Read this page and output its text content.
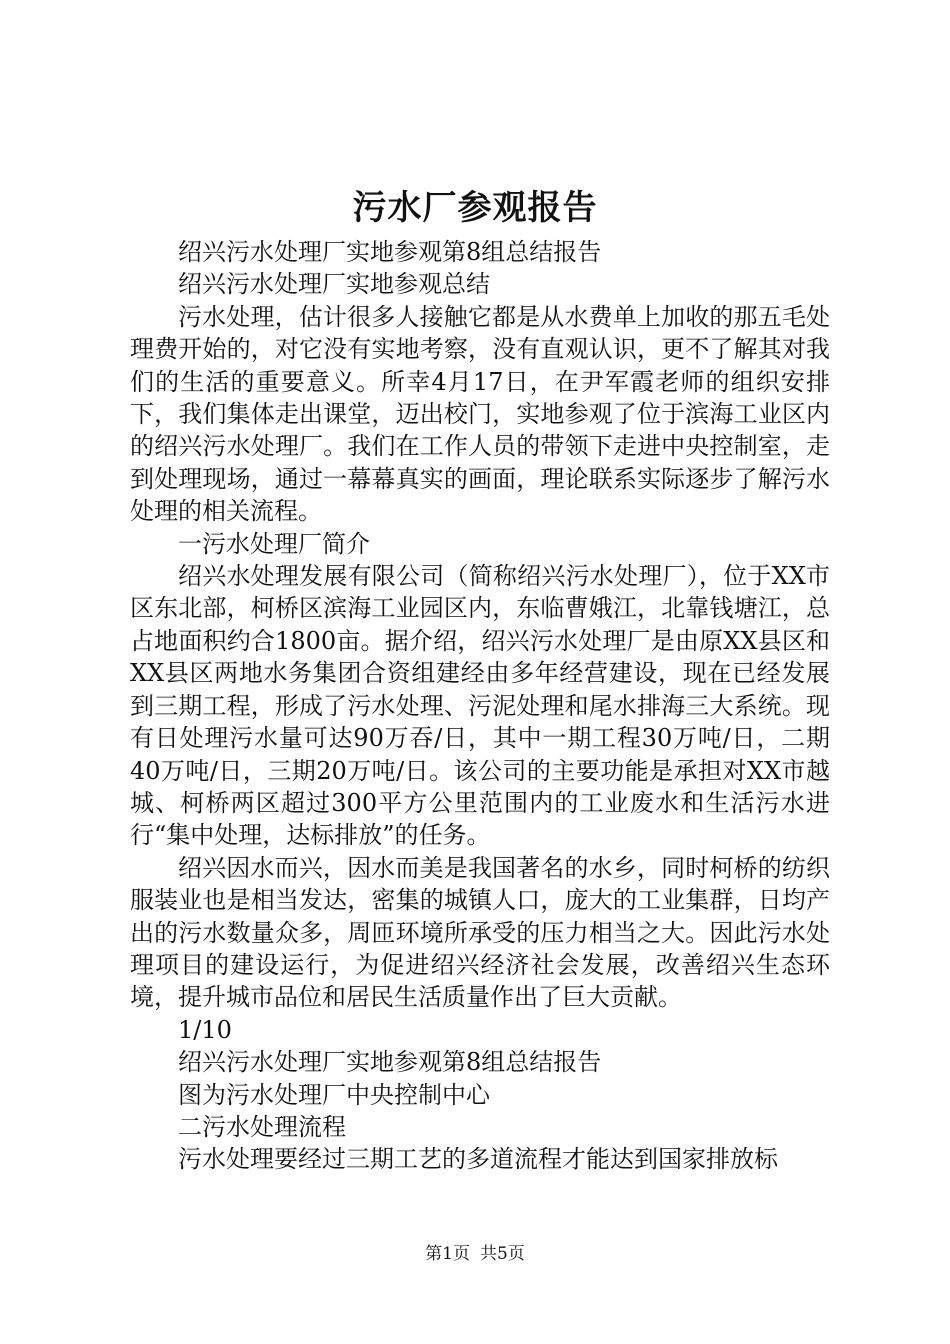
污水厂参观报告

绍兴污水处理厂实地参观第8组总结报告

绍兴污水处理厂实地参观总结

污水处理，估计很多人接触它都是从水费单上加收的那五毛处理费开始的，对它没有实地考察，没有直观认识，更不了解其对我们的生活的重要意义。所幸4月17日，在尹军霞老师的组织安排下，我们集体走出课堂，迈出校门，实地参观了位于滨海工业区内的绍兴污水处理厂。我们在工作人员的带领下走进中央控制室，走到处理现场，通过一幕幕真实的画面，理论联系实际逐步了解污水处理的相关流程。

一污水处理厂简介

绍兴水处理发展有限公司（简称绍兴污水处理厂），位于XX市区东北部，柯桥区滨海工业园区内，东临曹娥江，北靠钱塘江，总占地面积约合1800亩。据介绍，绍兴污水处理厂是由原XX县区和XX县区两地水务集团合资组建经由多年经营建设，现在已经发展到三期工程，形成了污水处理、污泥处理和尾水排海三大系统。现有日处理污水量可达90万吞/日，其中一期工程30万吨/日，二期40万吨/日，三期20万吨/日。该公司的主要功能是承担对XX市越城、柯桥两区超过300平方公里范围内的工业废水和生活污水进行“集中处理，达标排放”的任务。

绍兴因水而兴，因水而美是我国著名的水乡，同时柯桥的纺织服装业也是相当发达，密集的城镇人口，庞大的工业集群，日均产出的污水数量众多，周匝环境所承受的压力相当之大。因此污水处理项目的建设运行，为促进绍兴经济社会发展，改善绍兴生态环境，提升城市品位和居民生活质量作出了巨大贡献。

1/10

绍兴污水处理厂实地参观第8组总结报告

图为污水处理厂中央控制中心

二污水处理流程

污水处理要经过三期工艺的多道流程才能达到国家排放标

第1页 共5页
